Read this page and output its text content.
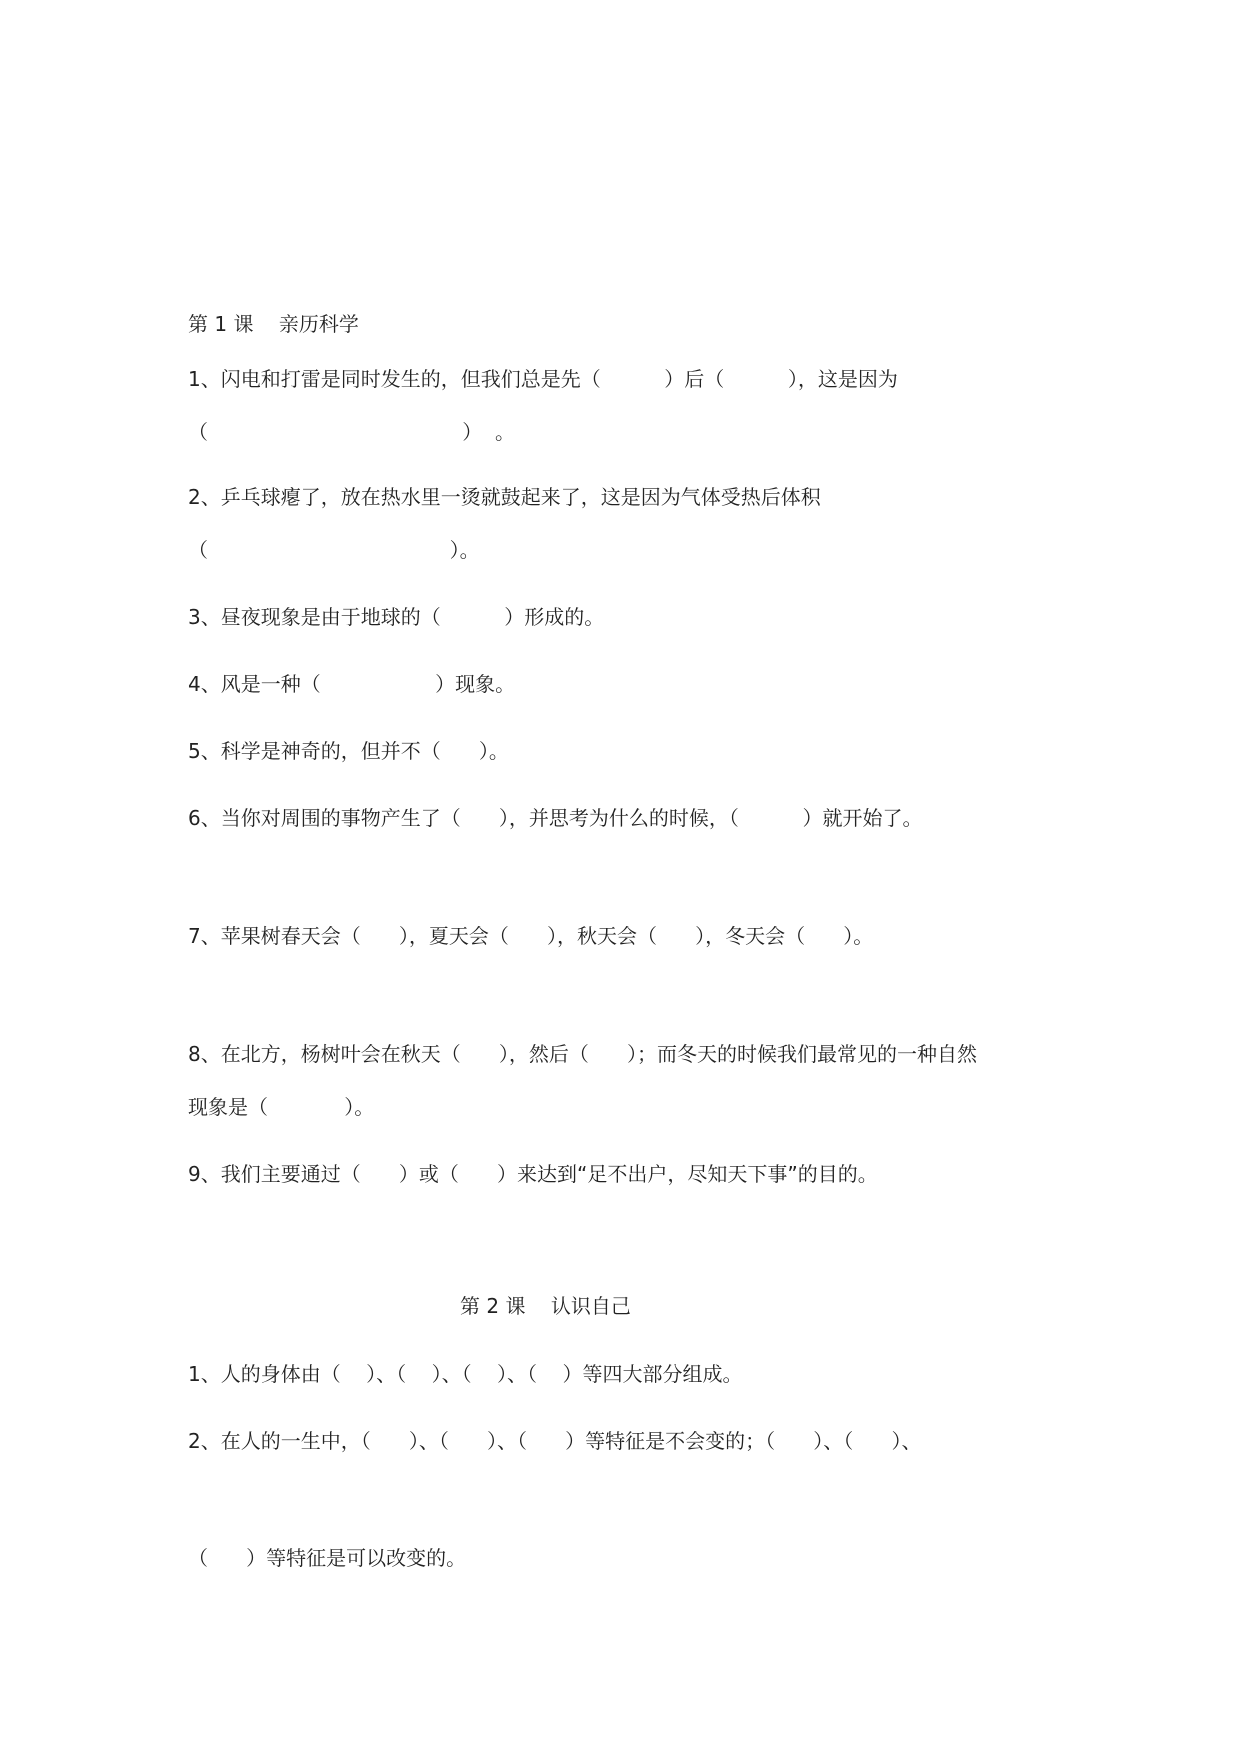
第 1 课    亲历科学
1、闪电和打雷是同时发生的，但我们总是先（          ）后（          ），这是因为
（                                        ）  。
2、乒乓球瘪了，放在热水里一烫就鼓起来了，这是因为气体受热后体积
（                                      ）。
3、昼夜现象是由于地球的（          ）形成的。
4、风是一种（                  ）现象。
5、科学是神奇的，但并不（      ）。
6、当你对周围的事物产生了（      ），并思考为什么的时候，（          ）就开始了。
7、苹果树春天会（      ），夏天会（      ），秋天会（      ），冬天会（      ）。
8、在北方，杨树叶会在秋天（      ），然后（      ）；而冬天的时候我们最常见的一种自然
现象是（            ）。
9、我们主要通过（      ）或（      ）来达到“足不出户，尽知天下事”的目的。
第 2 课    认识自己
1、人的身体由（    ）、（    ）、（    ）、（    ）等四大部分组成。
2、在人的一生中，（      ）、（      ）、（      ）等特征是不会变的；（      ）、（      ）、
（      ）等特征是可以改变的。
